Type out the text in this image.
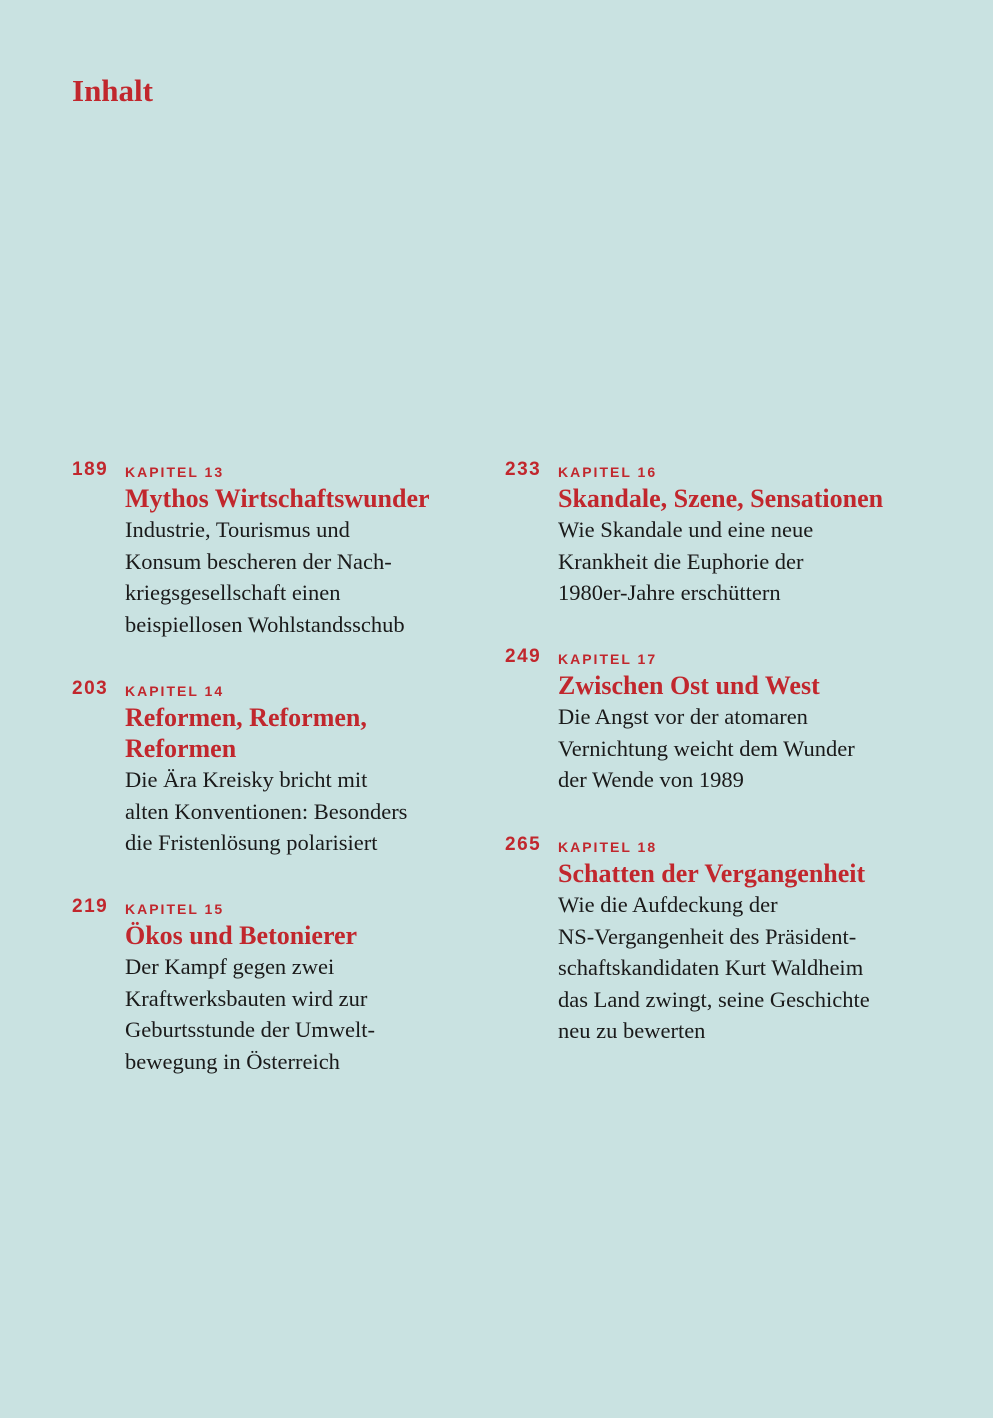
Inhalt
189 KAPITEL 13
Mythos Wirtschaftswunder
Industrie, Tourismus und
Konsum bescheren der Nach-
kriegsgesellschaft einen
beispiellosen Wohlstandsschub
203 KAPITEL 14
Reformen, Reformen,
Reformen
Die Ära Kreisky bricht mit
alten Konventionen: Besonders
die Fristenlösung polarisiert
219 KAPITEL 15
Ökos und Betonierer
Der Kampf gegen zwei
Kraftwerksbauten wird zur
Geburtsstunde der Umwelt-
bewegung in Österreich
233 KAPITEL 16
Skandale, Szene, Sensationen
Wie Skandale und eine neue
Krankheit die Euphorie der
1980er-Jahre erschüttern
249 KAPITEL 17
Zwischen Ost und West
Die Angst vor der atomaren
Vernichtung weicht dem Wunder
der Wende von 1989
265 KAPITEL 18
Schatten der Vergangenheit
Wie die Aufdeckung der
NS-Vergangenheit des Präsident-
schaftskandidaten Kurt Waldheim
das Land zwingt, seine Geschichte
neu zu bewerten
